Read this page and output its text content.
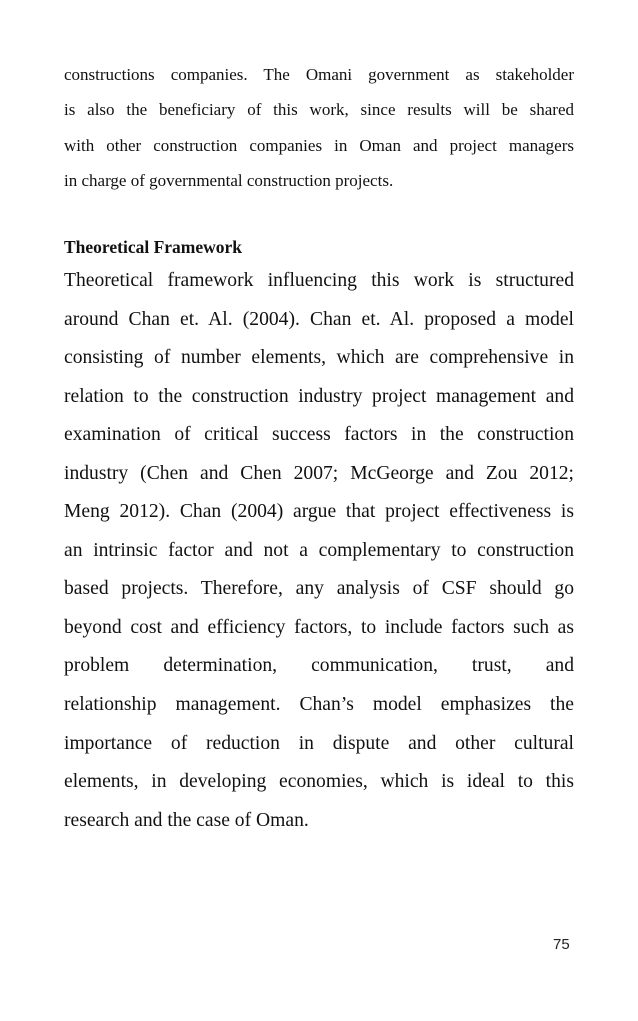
constructions companies. The Omani government as stakeholder
is also the beneficiary of this work, since results will be shared
with other construction companies in Oman and project managers
in charge of governmental construction projects.
Theoretical Framework
Theoretical framework influencing this work is structured
around Chan et. Al. (2004). Chan et. Al. proposed a model
consisting of number elements, which are comprehensive in
relation to the construction industry project management and
examination of critical success factors in the construction
industry (Chen and Chen 2007; McGeorge and Zou 2012;
Meng 2012). Chan (2004) argue that project effectiveness is
an intrinsic factor and not a complementary to construction
based projects. Therefore, any analysis of CSF should go
beyond cost and efficiency factors, to include factors such as
problem determination, communication, trust, and
relationship management. Chan’s model emphasizes the
importance of reduction in dispute and other cultural
elements, in developing economies, which is ideal to this
research and the case of Oman.
75
